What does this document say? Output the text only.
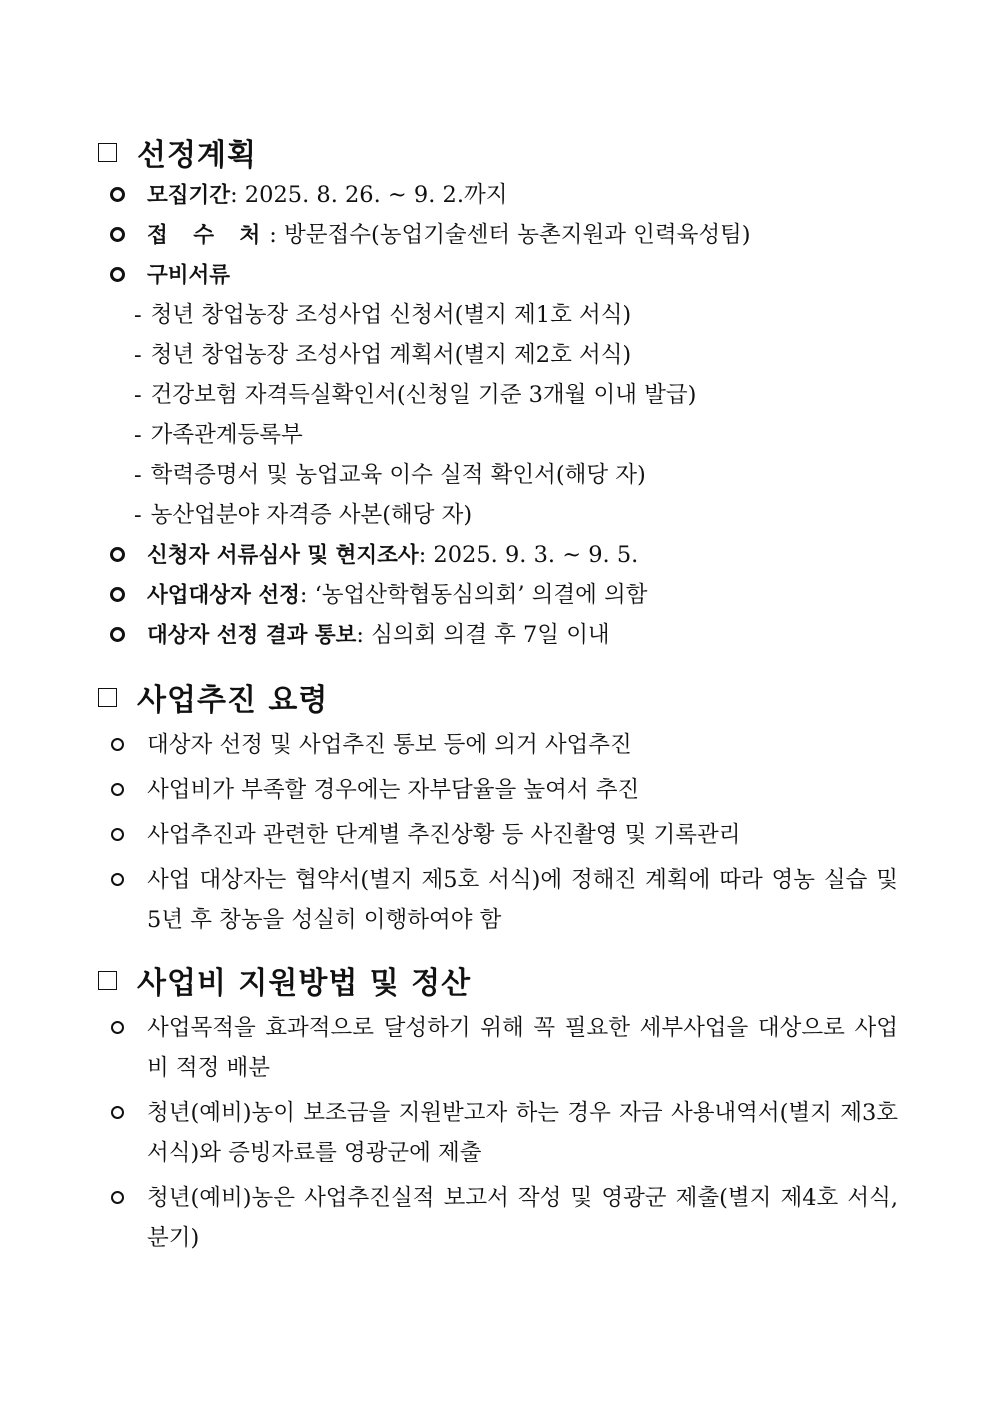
선정계획
모집기간: 2025. 8. 26. ~ 9. 2.까지
접 수 처: 방문접수(농업기술센터 농촌지원과 인력육성팀)
구비서류
- 청년 창업농장 조성사업 신청서(별지 제1호 서식)
- 청년 창업농장 조성사업 계획서(별지 제2호 서식)
- 건강보험 자격득실확인서(신청일 기준 3개월 이내 발급)
- 가족관계등록부
- 학력증명서 및 농업교육 이수 실적 확인서(해당 자)
- 농산업분야 자격증 사본(해당 자)
신청자 서류심사 및 현지조사: 2025. 9. 3. ~ 9. 5.
사업대상자 선정: ‘농업산학협동심의회’ 의결에 의함
대상자 선정 결과 통보: 심의회 의결 후 7일 이내
사업추진 요령
대상자 선정 및 사업추진 통보 등에 의거 사업추진
사업비가 부족할 경우에는 자부담율을 높여서 추진
사업추진과 관련한 단계별 추진상황 등 사진촬영 및 기록관리
사업 대상자는 협약서(별지 제5호 서식)에 정해진 계획에 따라 영농 실습 및 5년 후 창농을 성실히 이행하여야 함
사업비 지원방법 및 정산
사업목적을 효과적으로 달성하기 위해 꼭 필요한 세부사업을 대상으로 사업비 적정 배분
청년(예비)농이 보조금을 지원받고자 하는 경우 자금 사용내역서(별지 제3호 서식)와 증빙자료를 영광군에 제출
청년(예비)농은 사업추진실적 보고서 작성 및 영광군 제출(별지 제4호 서식, 분기)
